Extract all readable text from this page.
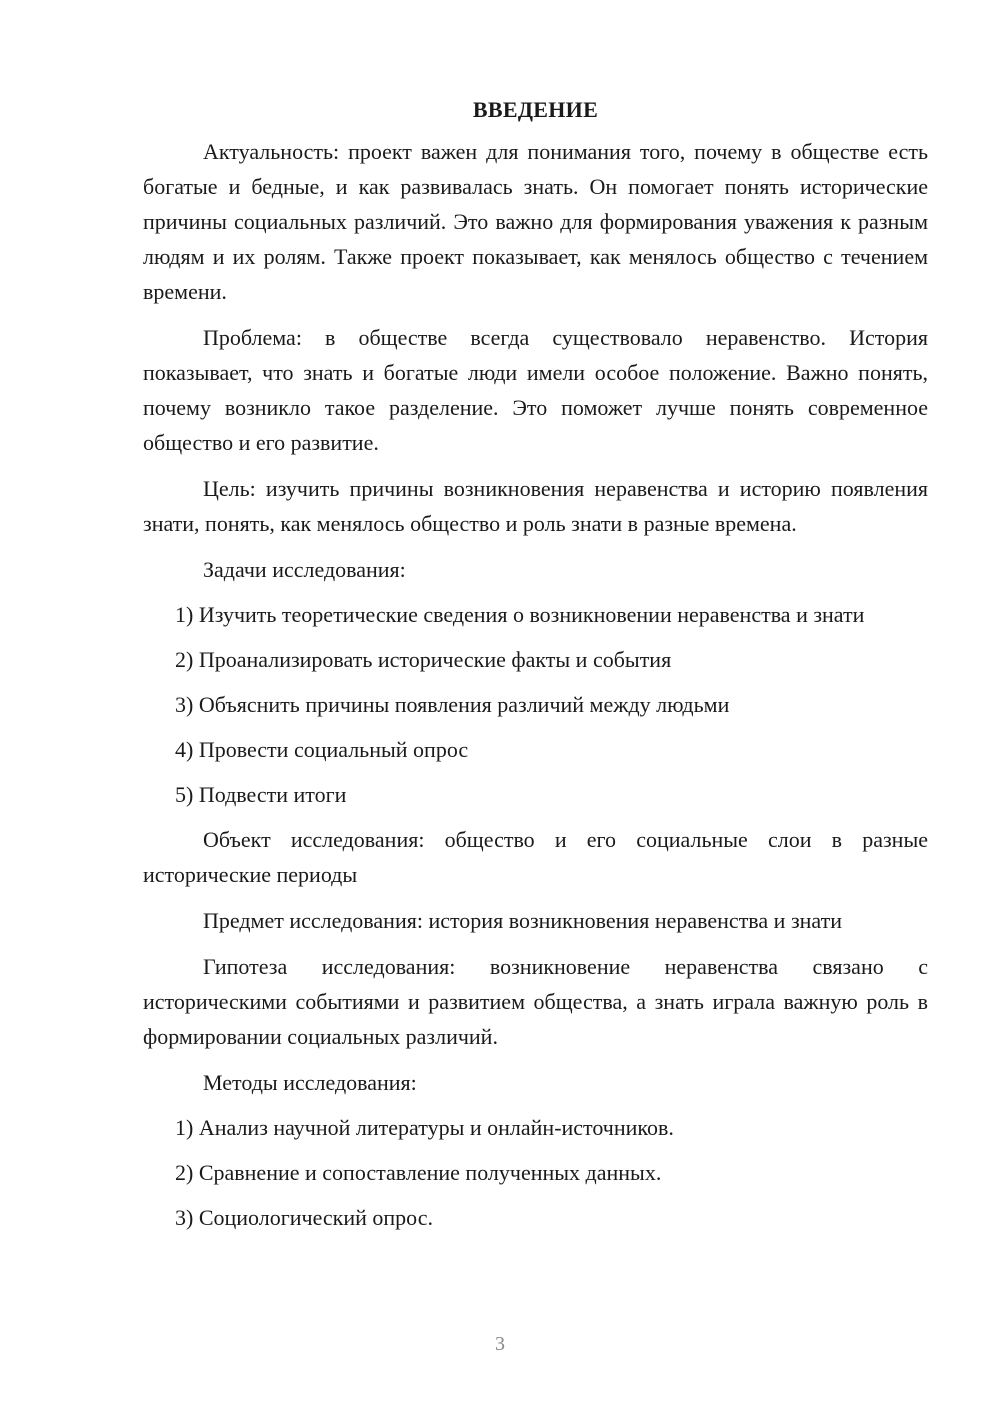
ВВЕДЕНИЕ

Актуальность: проект важен для понимания того, почему в обществе есть богатые и бедные, и как развивалась знать. Он помогает понять исторические причины социальных различий. Это важно для формирования уважения к разным людям и их ролям. Также проект показывает, как менялось общество с течением времени.

Проблема: в обществе всегда существовало неравенство. История показывает, что знать и богатые люди имели особое положение. Важно понять, почему возникло такое разделение. Это поможет лучше понять современное общество и его развитие.

Цель: изучить причины возникновения неравенства и историю появления знати, понять, как менялось общество и роль знати в разные времена.

Задачи исследования:

1) Изучить теоретические сведения о возникновении неравенства и знати

2) Проанализировать исторические факты и события

3) Объяснить причины появления различий между людьми

4) Провести социальный опрос

5) Подвести итоги

Объект исследования: общество и его социальные слои в разные исторические периоды

Предмет исследования: история возникновения неравенства и знати

Гипотеза исследования: возникновение неравенства связано с историческими событиями и развитием общества, а знать играла важную роль в формировании социальных различий.

Методы исследования:

1) Анализ научной литературы и онлайн-источников.

2) Сравнение и сопоставление полученных данных.

3) Социологический опрос.

3
